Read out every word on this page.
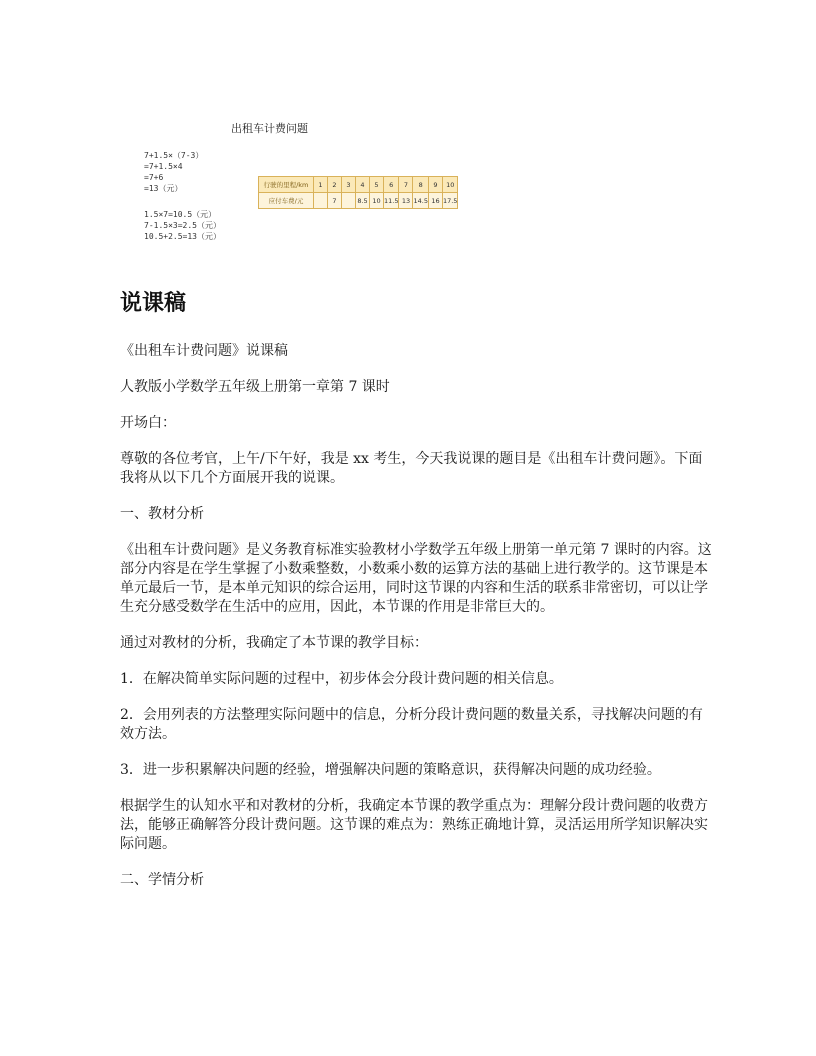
出租车计费问题
7+1.5×（7-3）
=7+1.5×4
=7+6
=13（元）
1.5×7=10.5（元）
7-1.5×3=2.5（元）
10.5+2.5=13（元）
行驶的里程/km	1	2	3	4	5	6	7	8	9	10
应付车费/元		7		8.5	10	11.5	13	14.5	16	17.5
说课稿

《出租车计费问题》说课稿

人教版小学数学五年级上册第一章第 7 课时

开场白：

尊敬的各位考官，上午/下午好，我是 xx 考生，今天我说课的题目是《出租车计费问题》。下面我将从以下几个方面展开我的说课。

一、教材分析

《出租车计费问题》是义务教育标准实验教材小学数学五年级上册第一单元第 7 课时的内容。这部分内容是在学生掌握了小数乘整数，小数乘小数的运算方法的基础上进行教学的。这节课是本单元最后一节，是本单元知识的综合运用，同时这节课的内容和生活的联系非常密切，可以让学生充分感受数学在生活中的应用，因此，本节课的作用是非常巨大的。

通过对教材的分析，我确定了本节课的教学目标：

1．在解决简单实际问题的过程中，初步体会分段计费问题的相关信息。

2．会用列表的方法整理实际问题中的信息，分析分段计费问题的数量关系，寻找解决问题的有效方法。

3．进一步积累解决问题的经验，增强解决问题的策略意识，获得解决问题的成功经验。

根据学生的认知水平和对教材的分析，我确定本节课的教学重点为：理解分段计费问题的收费方法，能够正确解答分段计费问题。这节课的难点为：熟练正确地计算，灵活运用所学知识解决实际问题。

二、学情分析
